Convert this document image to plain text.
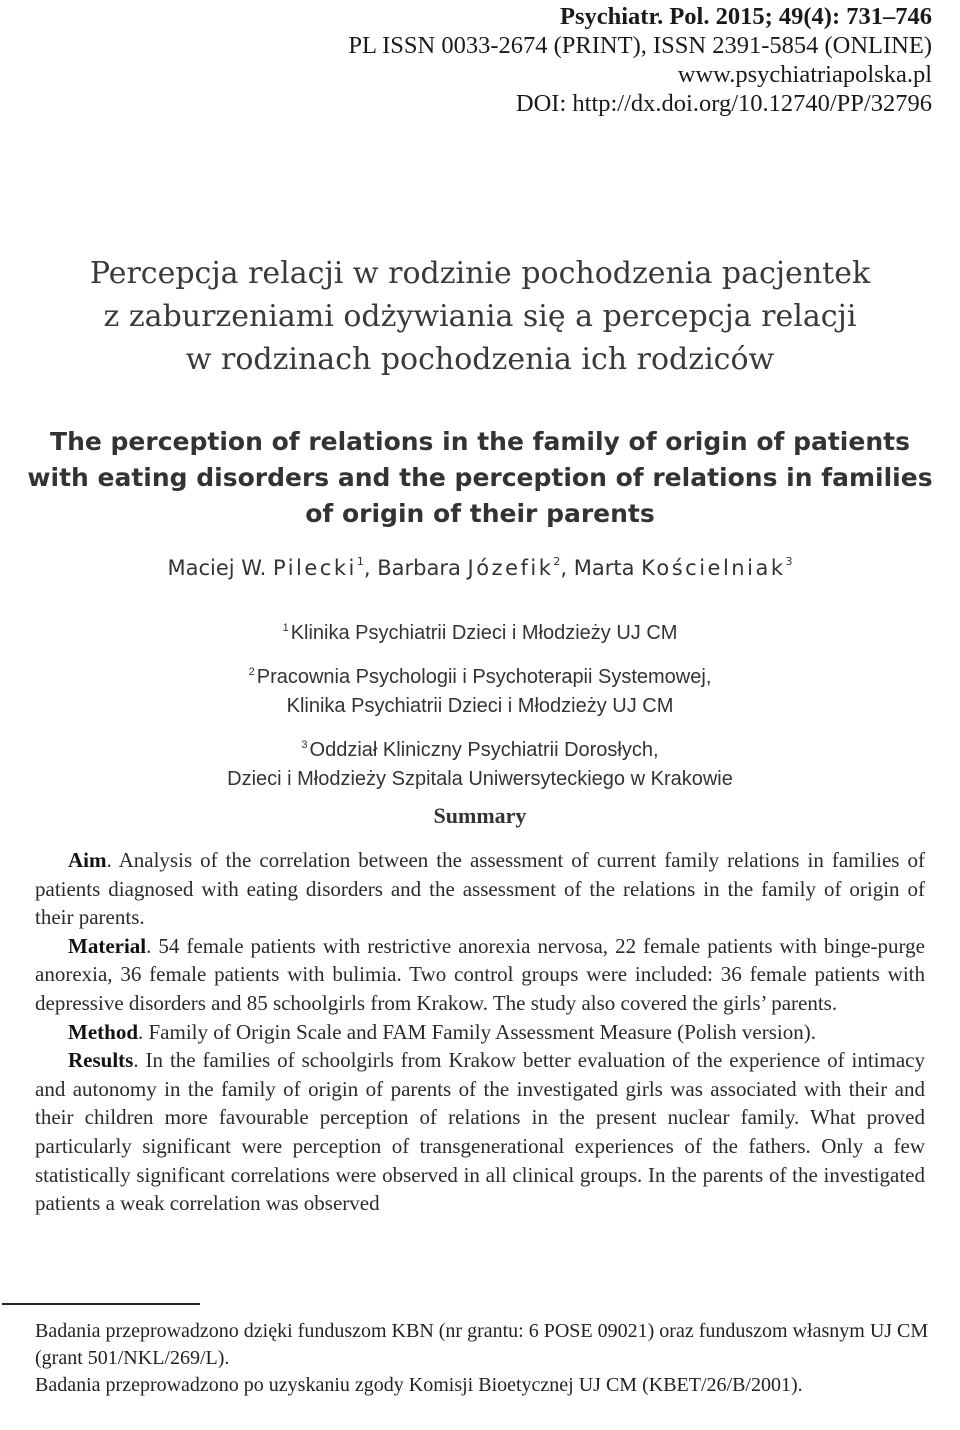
Psychiatr. Pol. 2015; 49(4): 731–746
PL ISSN 0033-2674 (PRINT), ISSN 2391-5854 (ONLINE)
www.psychiatriapolska.pl
DOI: http://dx.doi.org/10.12740/PP/32796
Percepcja relacji w rodzinie pochodzenia pacjentek
z zaburzeniami odżywiania się a percepcja relacji
w rodzinach pochodzenia ich rodziców
The perception of relations in the family of origin of patients
with eating disorders and the perception of relations in families
of origin of their parents
Maciej W. Pilecki$^1$, Barbara Józefik$^2$, Marta Kościelniak$^3$
$^1$ Klinika Psychiatrii Dzieci i Młodzieży UJ CM
$^2$ Pracownia Psychologii i Psychoterapii Systemowej,
Klinika Psychiatrii Dzieci i Młodzieży UJ CM
$^3$ Oddział Kliniczny Psychiatrii Dorosłych,
Dzieci i Młodzieży Szpitala Uniwersyteckiego w Krakowie
Summary

Aim. Analysis of the correlation between the assessment of current family relations in families of patients diagnosed with eating disorders and the assessment of the relations in the family of origin of their parents.

Material. 54 female patients with restrictive anorexia nervosa, 22 female patients with binge-purge anorexia, 36 female patients with bulimia. Two control groups were included: 36 female patients with depressive disorders and 85 schoolgirls from Krakow. The study also covered the girls’ parents.

Method. Family of Origin Scale and FAM Family Assessment Measure (Polish version).

Results. In the families of schoolgirls from Krakow better evaluation of the experience of intimacy and autonomy in the family of origin of parents of the investigated girls was associated with their and their children more favourable perception of relations in the present nuclear family. What proved particularly significant were perception of transgenerational experiences of the fathers. Only a few statistically significant correlations were observed in all clinical groups. In the parents of the investigated patients a weak correlation was observed

Badania przeprowadzono dzięki funduszom KBN (nr grantu: 6 POSE 09021) oraz funduszom własnym UJ CM (grant 501/NKL/269/L).

Badania przeprowadzono po uzyskaniu zgody Komisji Bioetycznej UJ CM (KBET/26/B/2001).
